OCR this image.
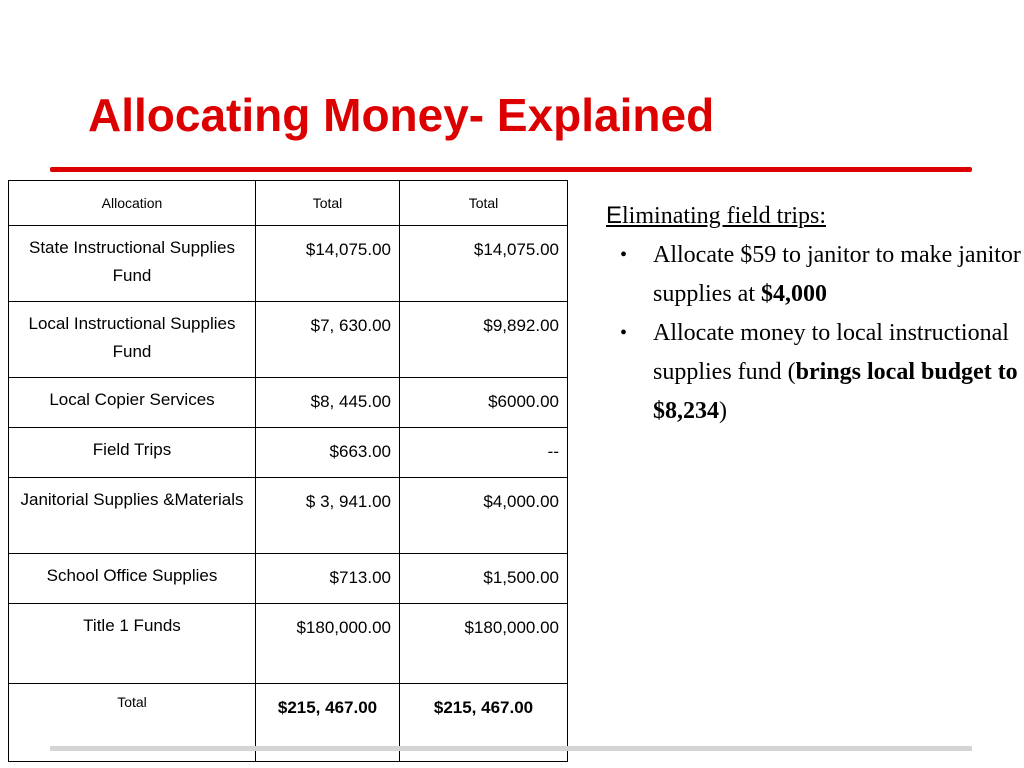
Allocating Money- Explained
Allocation	Total	Total
State Instructional Supplies Fund	$14,075.00	$14,075.00
Local Instructional Supplies Fund	$7, 630.00	$9,892.00
Local Copier Services	$8, 445.00	$6000.00
Field Trips	$663.00	--
Janitorial Supplies &Materials	$ 3, 941.00	$4,000.00
School Office Supplies	$713.00	$1,500.00
Title 1 Funds	$180,000.00	$180,000.00
Total	$215, 467.00	$215, 467.00
Eliminating field trips:
• Allocate $59 to janitor to make janitor supplies at $4,000
• Allocate money to local instructional supplies fund (brings local budget to $8,234)
